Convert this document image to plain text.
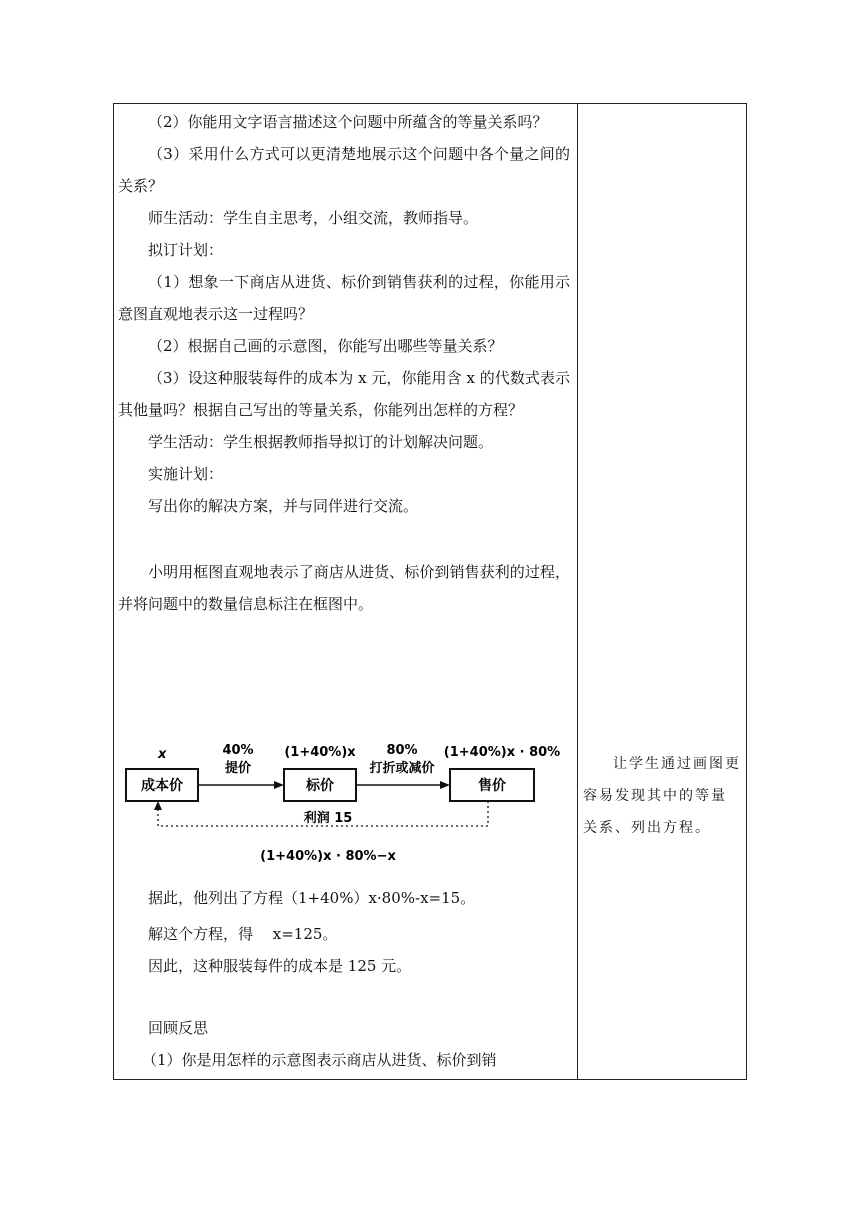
（2）你能用文字语言描述这个问题中所蕴含的等量关系吗？

（3）采用什么方式可以更清楚地展示这个问题中各个量之间的关系？

师生活动：学生自主思考，小组交流，教师指导。

拟订计划：

（1）想象一下商店从进货、标价到销售获利的过程，你能用示意图直观地表示这一过程吗？

（2）根据自己画的示意图，你能写出哪些等量关系？

（3）设这种服装每件的成本为 x 元，你能用含 x 的代数式表示其他量吗？根据自己写出的等量关系，你能列出怎样的方程？

学生活动：学生根据教师指导拟订的计划解决问题。

实施计划：

写出你的解决方案，并与同伴进行交流。

小明用框图直观地表示了商店从进货、标价到销售获利的过程，并将问题中的数量信息标注在框图中。

成本价	标价	售价
x	40%
提价
(1+40%)x 80%
打折或减价
(1+40%)x · 80%
利润 15
(1+40%)x · 80%−x

据此，他列出了方程（1+40%）x·80%-x=15。

解这个方程，得　 x=125。

因此，这种服装每件的成本是 125 元。

回顾反思

（1）你是用怎样的示意图表示商店从进货、标价到销

让学生通过画图更容易发现其中的等量关系、列出方程。
